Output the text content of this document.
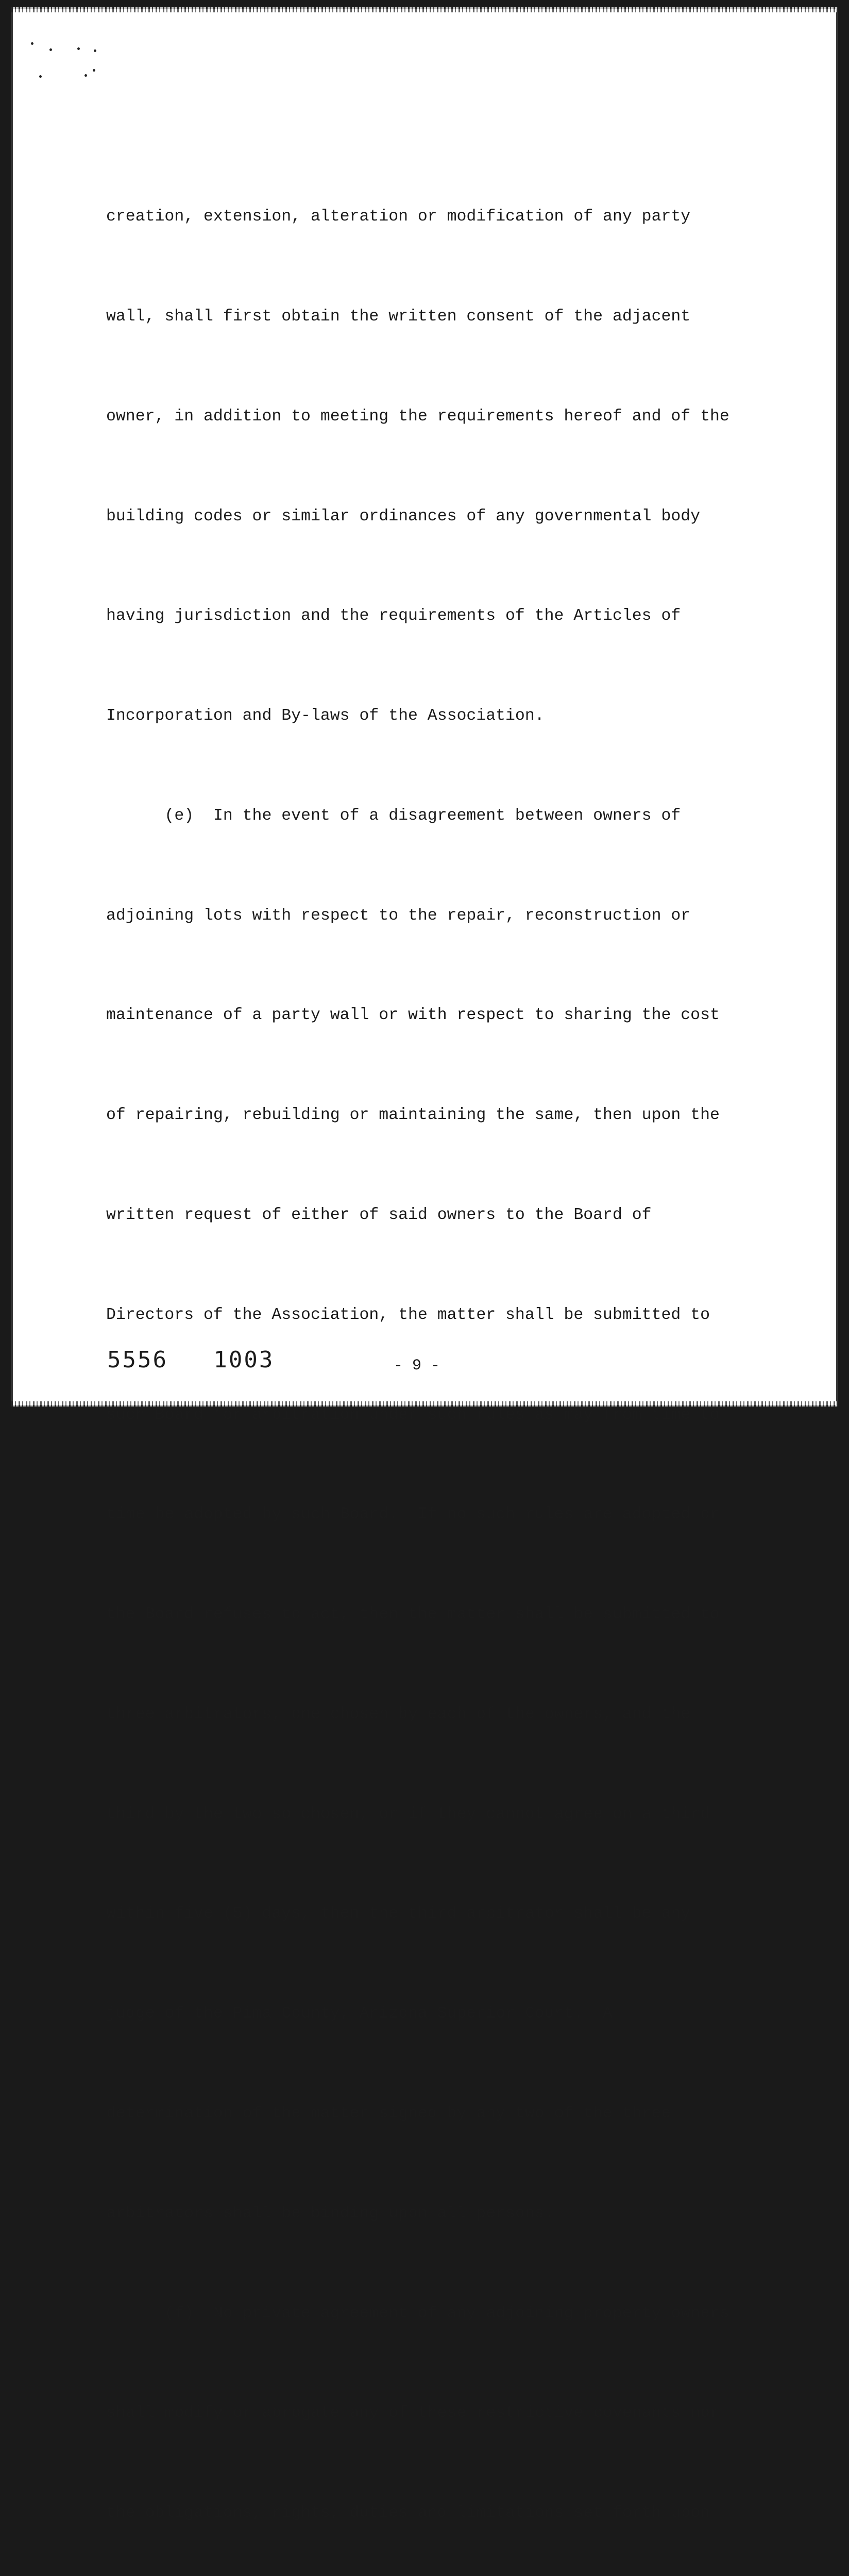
creation, extension, alteration or modification of any party

wall, shall first obtain the written consent of the adjacent

owner, in addition to meeting the requirements hereof and of the

building codes or similar ordinances of any governmental body

having jurisdiction and the requirements of the Articles of

Incorporation and By-laws of the Association.

(e)  In the event of a disagreement between owners of

adjoining lots with respect to the repair, reconstruction or

maintenance of a party wall or with respect to sharing the cost

of repairing, rebuilding or maintaining the same, then upon the

written request of either of said owners to the Board of

Directors of the Association, the matter shall be submitted to

such Board for arbitration under such rules as may from time to

time be adopted by such Board.  If no such rules are adopted or

the Board refuses to act, then the matter shall be submitted to

three arbitrators, one chosen by each of the owners, and the

third by the two so chosen, or if they cannot agree on a third

within five (5) days, then the third arbitrator shall be any

judge of the Pima County, Arizona Superior Court.  A

determination of the matter signed by any two of the three

arbitrators shall be binding upon all persons.

(f)  No private agreement of any adjoining property owners

shall modify or abrogate any of these restrictive covenants nor

the obligations, rights, duties and limitations set forth upon

5556   1003	- 9 -
